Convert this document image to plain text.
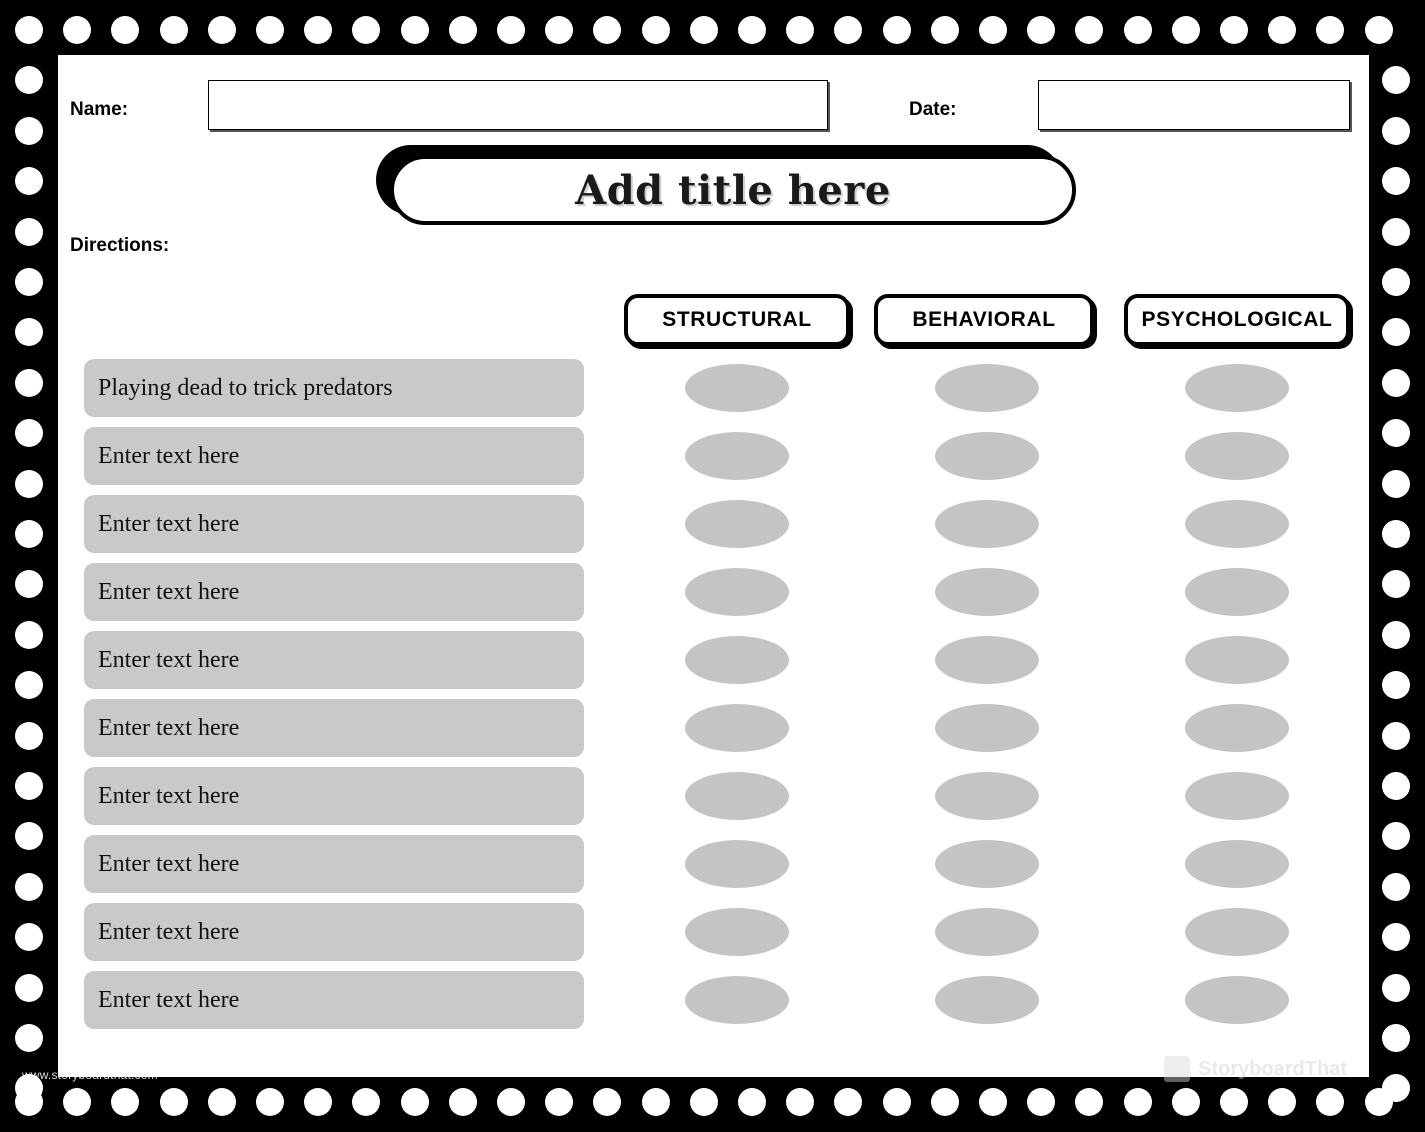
Name:	Date:
Add title here
Directions:
STRUCTURAL	BEHAVIORAL	PSYCHOLOGICAL
Playing dead to trick predators
Enter text here
Enter text here
Enter text here
Enter text here
Enter text here
Enter text here
Enter text here
Enter text here
Enter text here
www.storyboardthat.com	StoryboardThat
